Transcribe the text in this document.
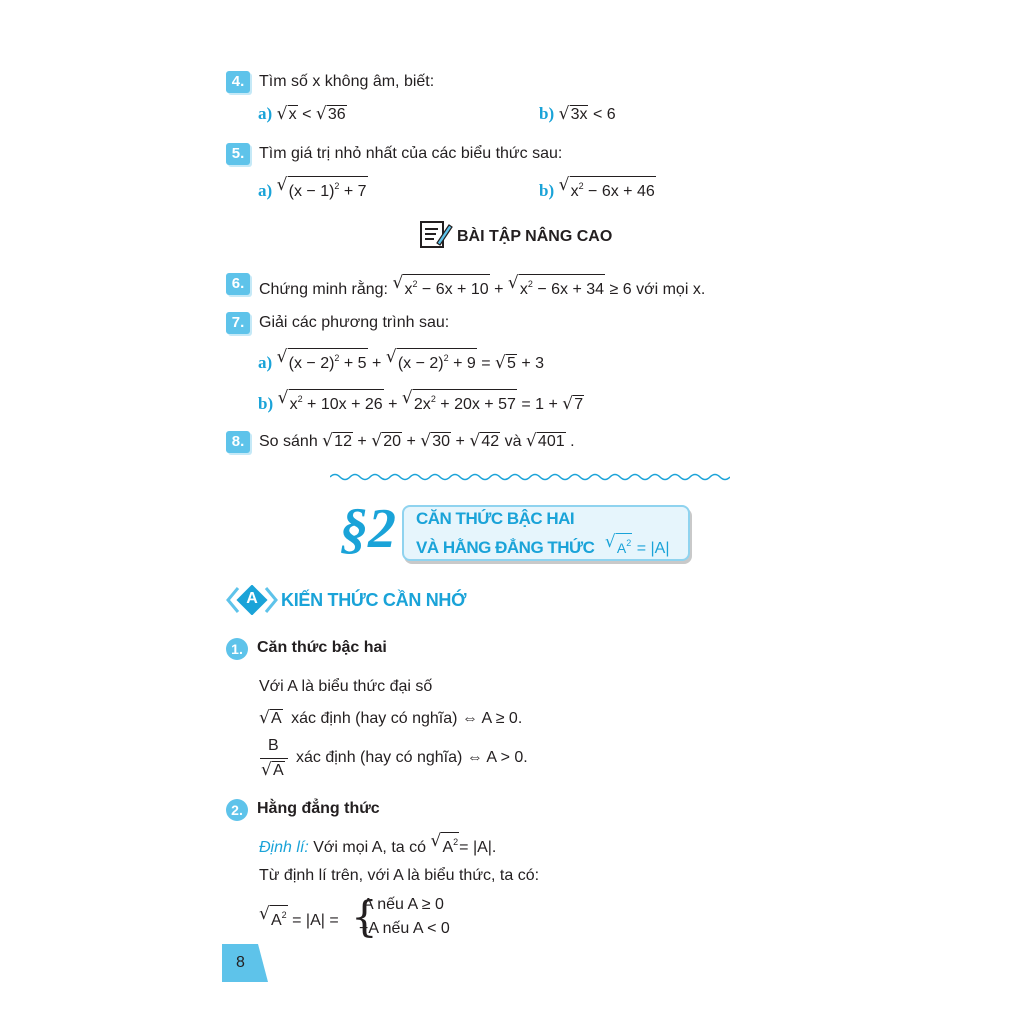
4. Tìm số x không âm, biết:
a) √ x < √ 36	b) √ 3x < 6
5. Tìm giá trị nhỏ nhất của các biểu thức sau:
a) √ $(x - 1)^2 + 7$	b) √ $x^2 - 6x + 46$
BÀI TẬP NÂNG CAO
6. Chứng minh rằng: √ $x^2 - 6x + 10$ + √ $x^2 - 6x + 34 \ge 6$ với mọi x.
7. Giải các phương trình sau:
a) √ $(x - 2)^2 + 5$ + √ $(x - 2)^2 + 9$ = √ 5 + 3
b) √ $x^2 + 10x + 26$ + √ $2x^2 + 20x + 57 = 1$ + √ 7
8. So sánh √ 12 + √ 20 + √ 30 + √ 42 và √ 401 .
§2 CĂN THỨC BẬC HAI
VÀ HẰNG ĐẲNG THỨC √ $A^2 = |A|$
A KIẾN THỨC CẦN NHỚ
1. Căn thức bậc hai
Với A là biểu thức đại số
√ A xác định (hay có nghĩa) ⇔ A ≥ 0.
B
√ A
xác định (hay có nghĩa) ⇔ A > 0.
2. Hằng đẳng thức
Định lí: Với mọi A, ta có √ $A^2= |A|$.
Từ định lí trên, với A là biểu thức, ta có:
√ $A^2 = |A|$ = {
A nếu A ≥ 0
−A nếu A < 0
8
